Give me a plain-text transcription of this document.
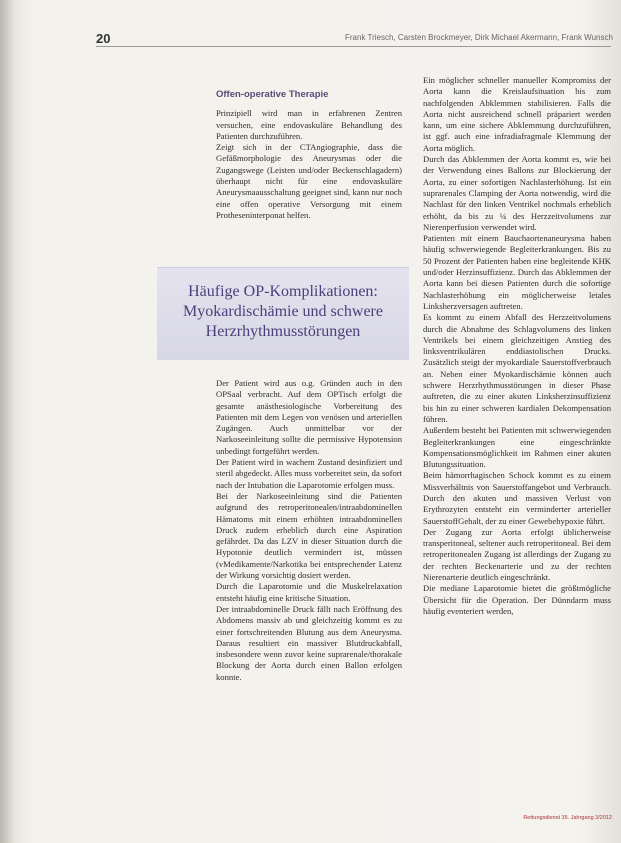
20	Frank Triesch, Carsten Brockmeyer, Dirk Michael Akermann, Frank Wunsch
Offen-operative Therapie

Prinzipiell wird man in erfahrenen Zentren versuchen, eine endovaskuläre Behandlung des Patienten durchzuführen.

Zeigt sich in der CTAngiographie, dass die Gefäßmorphologie des Aneurysmas oder die Zugangswege (Leisten und/oder Beckenschlagadern) überhaupt nicht für eine endovaskuläre Aneurysmaausschaltung geeignet sind, kann nur noch eine offen operative Versorgung mit einem Protheseninterponat helfen.

Häufige OP-Komplikationen: Myokardischämie und schwere Herzrhythmusstörungen

Der Patient wird aus o.g. Gründen auch in den OPSaal verbracht. Auf dem OPTisch erfolgt die gesamte anästhesiologische Vorbereitung des Patienten mit dem Legen von venösen und arteriellen Zugängen. Auch unmittelbar vor der Narkoseeinleitung sollte die permissive Hypotension unbedingt fortgeführt werden.

Der Patient wird in wachem Zustand desinfiziert und steril abgedeckt. Alles muss vorbereitet sein, da sofort nach der Intubation die Laparotomie erfolgen muss.

Bei der Narkoseeinleitung sind die Patienten aufgrund des retroperitonealen/intraabdominellen Hämatoms mit einem erhöhten intraabdominellen Druck zudem erheblich durch eine Aspiration gefährdet. Da das LZV in dieser Situation durch die Hypotonie deutlich vermindert ist, müssen (vMedikamente/Narkotika bei entsprechender Latenz der Wirkung vorsichtig dosiert werden.

Durch die Laparotomie und die Muskelrelaxation entsteht häufig eine kritische Situation.

Der intraabdominelle Druck fällt nach Eröffnung des Abdomens massiv ab und gleichzeitig kommt es zu einer fortschreitenden Blutung aus dem Aneurysma. Daraus resultiert ein massiver Blutdruckabfall, insbesondere wenn zuvor keine suprarenale/thorakale Blockung der Aorta durch einen Ballon erfolgen konnte.

Ein möglicher schneller manueller Kompromiss der Aorta kann die Kreislaufsituation bis zum nachfolgenden Abklemmen stabilisieren. Falls die Aorta nicht ausreichend schnell präpariert werden kann, um eine sichere Abklemmung durchzuführen, ist ggf. auch eine infradiafragmale Klemmung der Aorta möglich.

Durch das Abklemmen der Aorta kommt es, wie bei der Verwendung eines Ballons zur Blockierung der Aorta, zu einer sofortigen Nachlasterhöhung. Ist ein suprarenales Clamping der Aorta notwendig, wird die Nachlast für den linken Ventrikel nochmals erheblich erhöht, da bis zu ¼ des Herzzeitvolumens zur Nierenperfusion verwendet wird.

Patienten mit einem Bauchaortenaneurysma haben häufig schwerwiegende Begleiterkrankungen. Bis zu 50 Prozent der Patienten haben eine begleitende KHK und/oder Herzinsuffizienz. Durch das Abklemmen der Aorta kann bei diesen Patienten durch die sofortige Nachlasterhöhung ein möglicherweise letales Linksherzversagen auftreten.

Es kommt zu einem Abfall des Herzzeitvolumens durch die Abnahme des Schlagvolumens des linken Ventrikels bei einem gleichzeitigen Anstieg des linksventrikulären enddiastolischen Drucks. Zusätzlich steigt der myokardiale Sauerstoffverbrauch an. Neben einer Myokardischämie können auch schwere Herzrhythmusstörungen in dieser Phase auftreten, die zu einer akuten Linksherzinsuffizienz bis hin zu einer schweren kardialen Dekompensation führen.

Außerdem besteht bei Patienten mit schwerwiegenden Begleiterkrankungen eine eingeschränkte Kompensationsmöglichkeit im Rahmen einer akuten Blutungssituation.

Beim hämorrhagischen Schock kommt es zu einem Missverhältnis von Sauerstoffangebot und Verbrauch. Durch den akuten und massiven Verlust von Erythrozyten entsteht ein verminderter arterieller SauerstoffGehalt, der zu einer Gewebehypoxie führt.

Der Zugang zur Aorta erfolgt üblicherweise transperitoneal, seltener auch retroperitoneal. Bei dem retroperitonealen Zugang ist allerdings der Zugang zu der rechten Beckenarterie und zu der rechten Nierenarterie deutlich eingeschränkt.

Die mediane Laparotomie bietet die größtmögliche Übersicht für die Operation. Der Dünndarm muss häufig eventeriert werden,

Rettungsdienst 35. Jahrgang 3/2012
